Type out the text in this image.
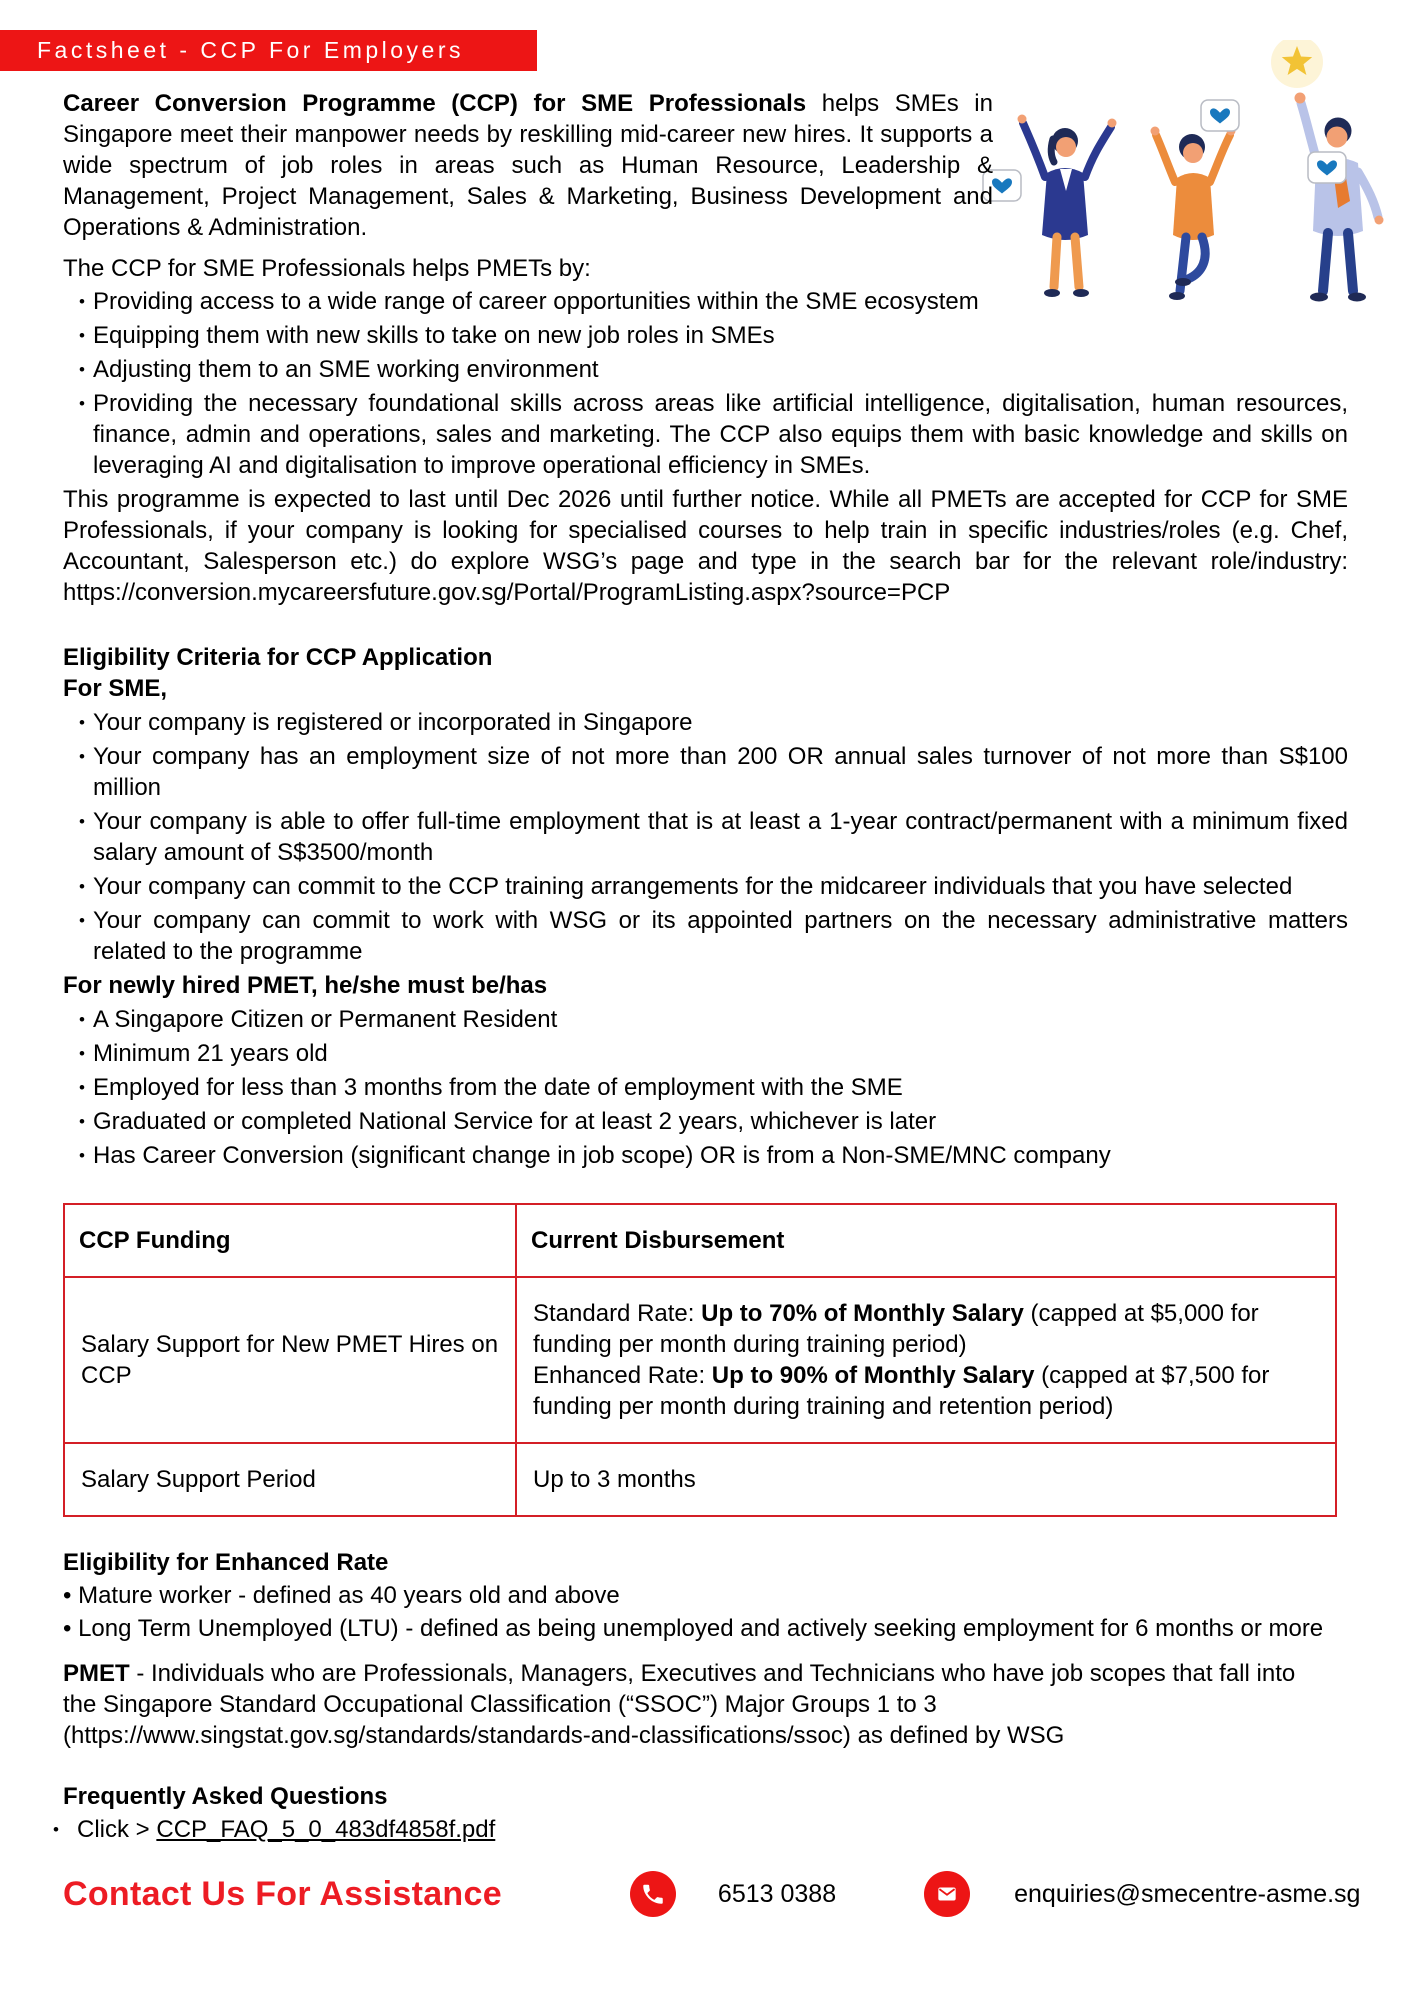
Factsheet - CCP For Employers

Career Conversion Programme (CCP) for SME Professionals helps SMEs in Singapore meet their manpower needs by reskilling mid-career new hires. It supports a wide spectrum of job roles in areas such as Human Resource, Leadership & Management, Project Management, Sales & Marketing, Business Development and Operations & Administration.

The CCP for SME Professionals helps PMETs by:

• Providing access to a wide range of career opportunities within the SME ecosystem
• Equipping them with new skills to take on new job roles in SMEs
• Adjusting them to an SME working environment
• Providing the necessary foundational skills across areas like artificial intelligence, digitalisation, human resources, finance, admin and operations, sales and marketing. The CCP also equips them with basic knowledge and skills on leveraging AI and digitalisation to improve operational efficiency in SMEs.

This programme is expected to last until Dec 2026 until further notice. While all PMETs are accepted for CCP for SME Professionals, if your company is looking for specialised courses to help train in specific industries/roles (e.g. Chef, Accountant, Salesperson etc.) do explore WSG’s page and type in the search bar for the relevant role/industry: https://conversion.mycareersfuture.gov.sg/Portal/ProgramListing.aspx?source=PCP

Eligibility Criteria for CCP Application

For SME,

• Your company is registered or incorporated in Singapore
• Your company has an employment size of not more than 200 OR annual sales turnover of not more than S$100 million
• Your company is able to offer full-time employment that is at least a 1-year contract/permanent with a minimum fixed salary amount of S$3500/month
• Your company can commit to the CCP training arrangements for the midcareer individuals that you have selected
• Your company can commit to work with WSG or its appointed partners on the necessary administrative matters related to the programme

For newly hired PMET, he/she must be/has

• A Singapore Citizen or Permanent Resident
• Minimum 21 years old
• Employed for less than 3 months from the date of employment with the SME
• Graduated or completed National Service for at least 2 years, whichever is later
• Has Career Conversion (significant change in job scope) OR is from a Non-SME/MNC company
CCP Funding	Current Disbursement
Salary Support for New PMET Hires on CCP	Standard Rate: Up to 70% of Monthly Salary (capped at $5,000 for funding per month during training period)
Enhanced Rate: Up to 90% of Monthly Salary (capped at $7,500 for funding per month during training and retention period)

Salary Support Period	Up to 3 months

Eligibility for Enhanced Rate

• Mature worker - defined as 40 years old and above
• Long Term Unemployed (LTU) - defined as being unemployed and actively seeking employment for 6 months or more
PMET - Individuals who are Professionals, Managers, Executives and Technicians who have job scopes that fall into
the Singapore Standard Occupational Classification (“SSOC”) Major Groups 1 to 3
(https://www.singstat.gov.sg/standards/standards-and-classifications/ssoc) as defined by WSG

Frequently Asked Questions

• Click > CCP_FAQ_5_0_483df4858f.pdf
Contact Us For Assistance	6513 0388	enquiries@smecentre-asme.sg
